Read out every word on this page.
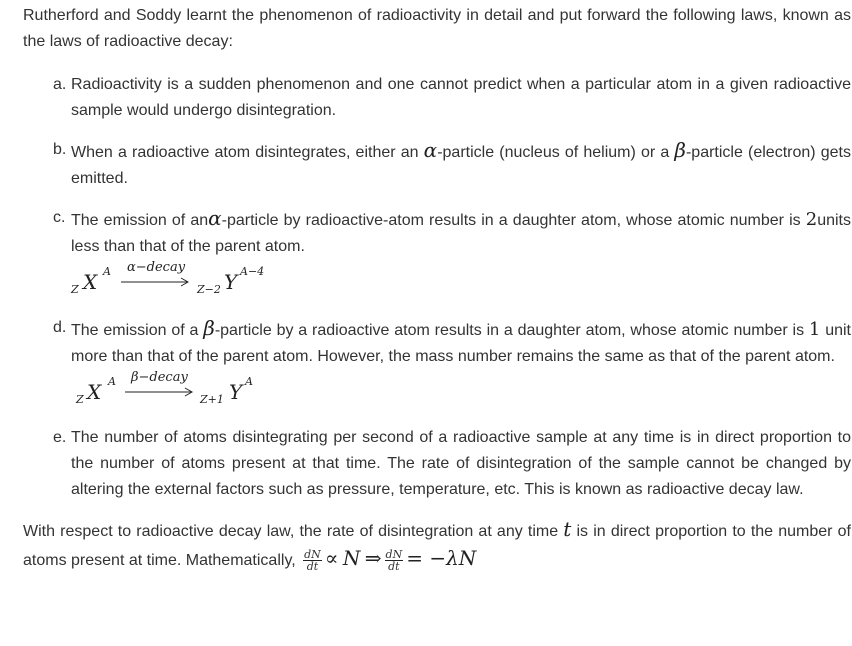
Rutherford and Soddy learnt the phenomenon of radioactivity in detail and put forward the following laws, known as the laws of radioactive decay:

a. Radioactivity is a sudden phenomenon and one cannot predict when a particular atom in a given radioactive sample would undergo disintegration.

b. When a radioactive atom disintegrates, either an α-particle (nucleus of helium) or a β-particle (electron) gets emitted.

c. The emission of anα-particle by radioactive-atom results in a daughter atom, whose atomic number is 2units less than that of the parent atom.

Z X A α−decay
Z−2 Y A−4
d. The emission of a β-particle by a radioactive atom results in a daughter atom, whose atomic number is 1 unit more than that of the parent atom. However, the mass number remains the same as that of the parent atom.

Z X A β−decay
Z+1 Y A
e. The number of atoms disintegrating per second of a radioactive sample at any time is in direct proportion to the number of atoms present at that time. The rate of disintegration of the sample cannot be changed by altering the external factors such as pressure, temperature, etc. This is known as radioactive decay law.

With respect to radioactive decay law, the rate of disintegration at any time t is in direct proportion to the number of atoms present at time. Mathematically, $\frac{dN}{dt} \propto N$ ⇒ $\frac{dN}{dt} = -\lambda N$
